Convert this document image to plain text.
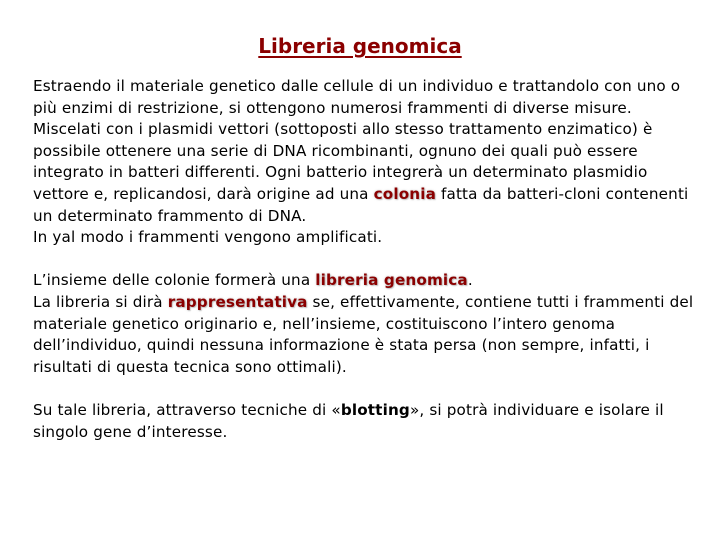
Libreria genomica

Estraendo il materiale genetico dalle cellule di un individuo e trattandolo con uno o più enzimi di restrizione, si ottengono numerosi frammenti di diverse misure. Miscelati con i plasmidi vettori (sottoposti allo stesso trattamento enzimatico) è possibile ottenere una serie di DNA ricombinanti, ognuno dei quali può essere integrato in batteri differenti. Ogni batterio integrerà un determinato plasmidio vettore e, replicandosi, darà origine ad una colonia fatta da batteri-cloni contenenti un determinato frammento di DNA.

In yal modo i frammenti vengono amplificati.

L’insieme delle colonie formerà una libreria genomica.

La libreria si dirà rappresentativa se, effettivamente, contiene tutti i frammenti del materiale genetico originario e, nell’insieme, costituiscono l’intero genoma dell’individuo, quindi nessuna informazione è stata persa (non sempre, infatti, i risultati di questa tecnica sono ottimali).

Su tale libreria, attraverso tecniche di «blotting», si potrà individuare e isolare il singolo gene d’interesse.
